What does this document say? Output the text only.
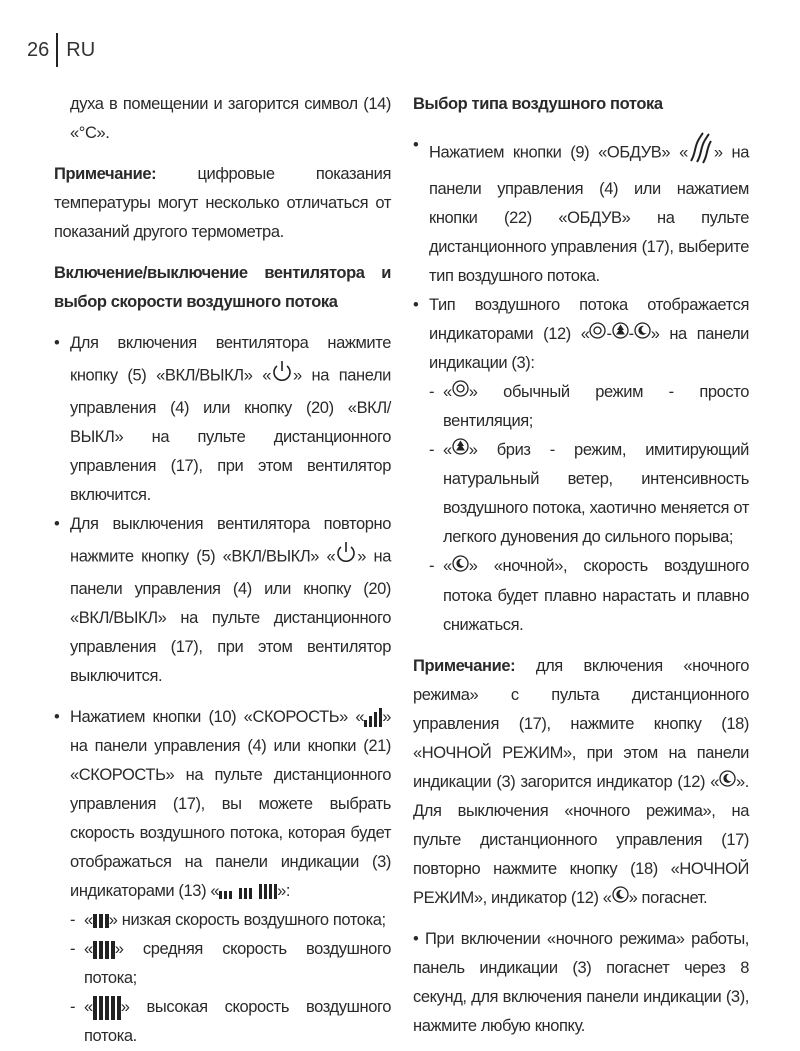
26 RU

духа в помещении и загорится символ (14) «°С».

Примечание: цифровые показания температуры могут несколько отличаться от показаний другого термометра.

Включение/выключение вентилятора и выбор скорости воздушного потока

• Для включения вентилятора нажмите кнопку (5) «ВКЛ/ВЫКЛ» « » на панели управления (4) или кнопку (20) «ВКЛ/ВЫКЛ» на пульте дистанционного управления (17), при этом вентилятор включится.

• Для выключения вентилятора повторно нажмите кнопку (5) «ВКЛ/ВЫКЛ» « » на панели управления (4) или кнопку (20) «ВКЛ/ВЫКЛ» на пульте дистанционного управления (17), при этом вентилятор выключится.

• Нажатием кнопки (10) «СКОРОСТЬ» « » на панели управления (4) или кнопки (21) «СКОРОСТЬ» на пульте дистанционного управления (17), вы можете выбрать скорость воздушного потока, которая будет отображаться на панели индикации (3) индикаторами (13) «	»:

- « » низкая скорость воздушного потока;

- « » средняя скорость воздушного потока;

- « » высокая скорость воздушного потока.

Выбор типа воздушного потока

• Нажатием кнопки (9) «ОБДУВ» « » на панели управления (4) или нажатием кнопки (22) «ОБДУВ» на пульте дистанционного управления (17), выберите тип воздушного потока.

• Тип воздушного потока отображается индикаторами (12) « - - » на панели индикации (3):

- « » обычный режим - просто вентиляция;

- « » бриз - режим, имитирующий натуральный ветер, интенсивность воздушного потока, хаотично меняется от легкого дуновения до сильного порыва;

- « » «ночной», скорость воздушного потока будет плавно нарастать и плавно снижаться.

Примечание: для включения «ночного режима» с пульта дистанционного управления (17), нажмите кнопку (18) «НОЧНОЙ РЕЖИМ», при этом на панели индикации (3) загорится индикатор (12) « ». Для выключения «ночного режима», на пульте дистанционного управления (17) повторно нажмите кнопку (18) «НОЧНОЙ РЕЖИМ», индикатор (12) « » погаснет.

• При включении «ночного режима» работы, панель индикации (3) погаснет через 8 секунд, для включения панели индикации (3), нажмите любую кнопку.
